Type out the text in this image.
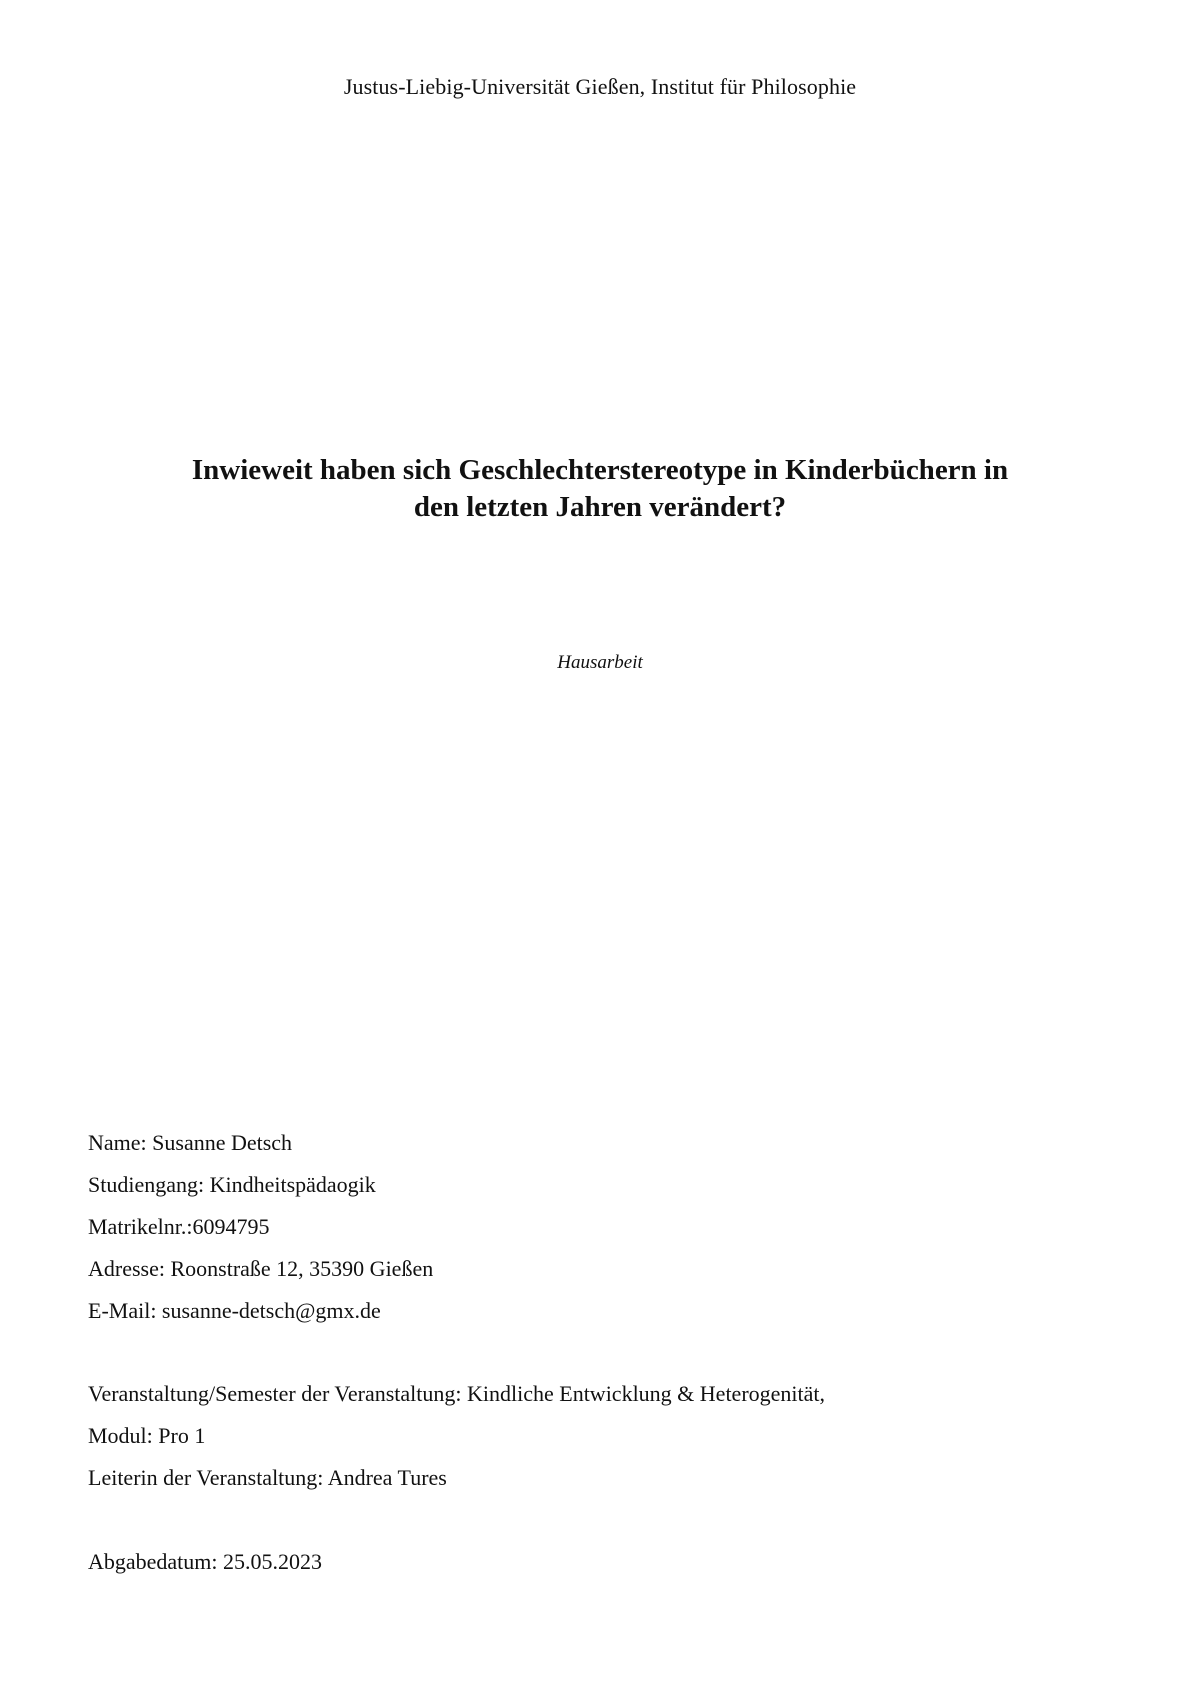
Justus-Liebig-Universität Gießen, Institut für Philosophie
Inwieweit haben sich Geschlechterstereotype in Kinderbüchern in
den letzten Jahren verändert?
Hausarbeit
Name: Susanne Detsch
Studiengang: Kindheitspädaogik
Matrikelnr.:6094795
Adresse: Roonstraße 12, 35390 Gießen
E-Mail: susanne-detsch@gmx.de
Veranstaltung/Semester der Veranstaltung: Kindliche Entwicklung & Heterogenität,
Modul: Pro 1
Leiterin der Veranstaltung: Andrea Tures
Abgabedatum: 25.05.2023
